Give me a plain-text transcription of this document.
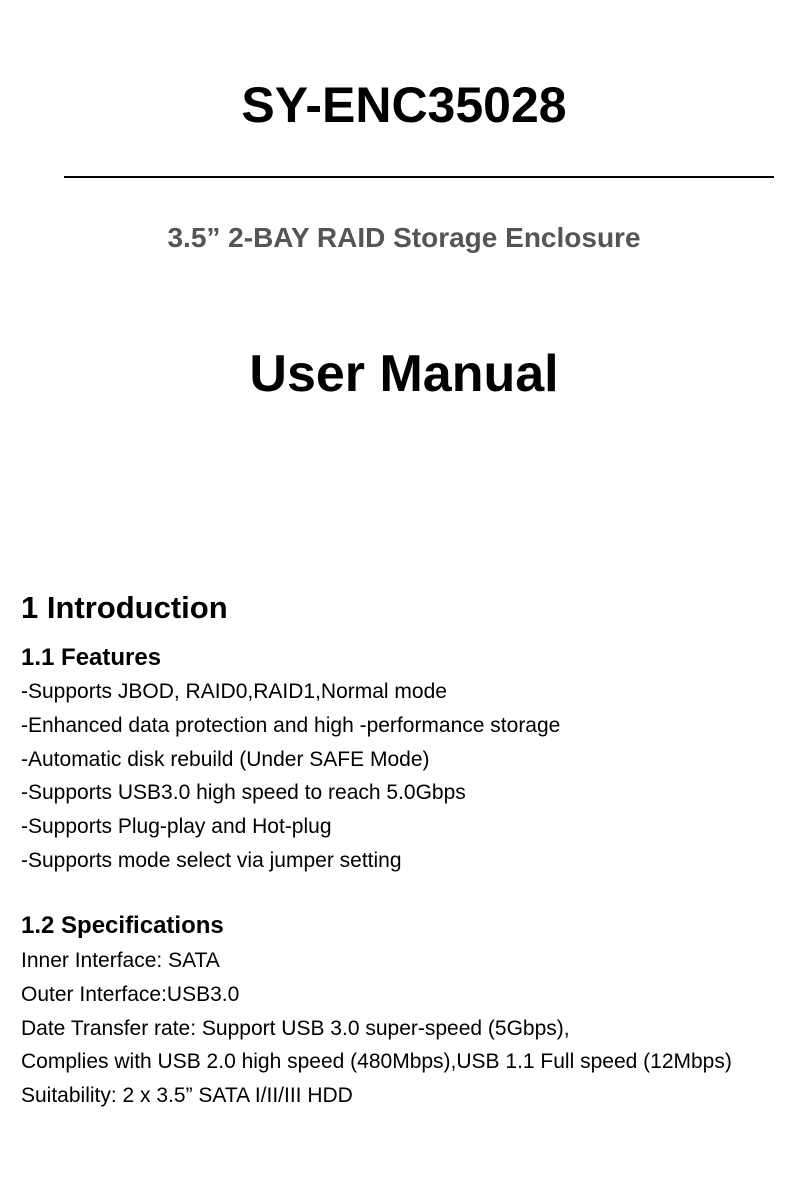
SY-ENC35028
3.5” 2-BAY RAID Storage Enclosure
User Manual
1 Introduction
1.1 Features
-Supports JBOD, RAID0,RAID1,Normal mode
-Enhanced data protection and high -performance storage
-Automatic disk rebuild (Under SAFE Mode)
-Supports USB3.0 high speed to reach 5.0Gbps
-Supports Plug-play and Hot-plug
-Supports mode select via jumper setting
1.2 Specifications
Inner Interface: SATA
Outer Interface:USB3.0
Date Transfer rate: Support USB 3.0 super-speed (5Gbps),
Complies with USB 2.0 high speed (480Mbps),USB 1.1 Full speed (12Mbps)
Suitability: 2 x 3.5” SATA I/II/III HDD
